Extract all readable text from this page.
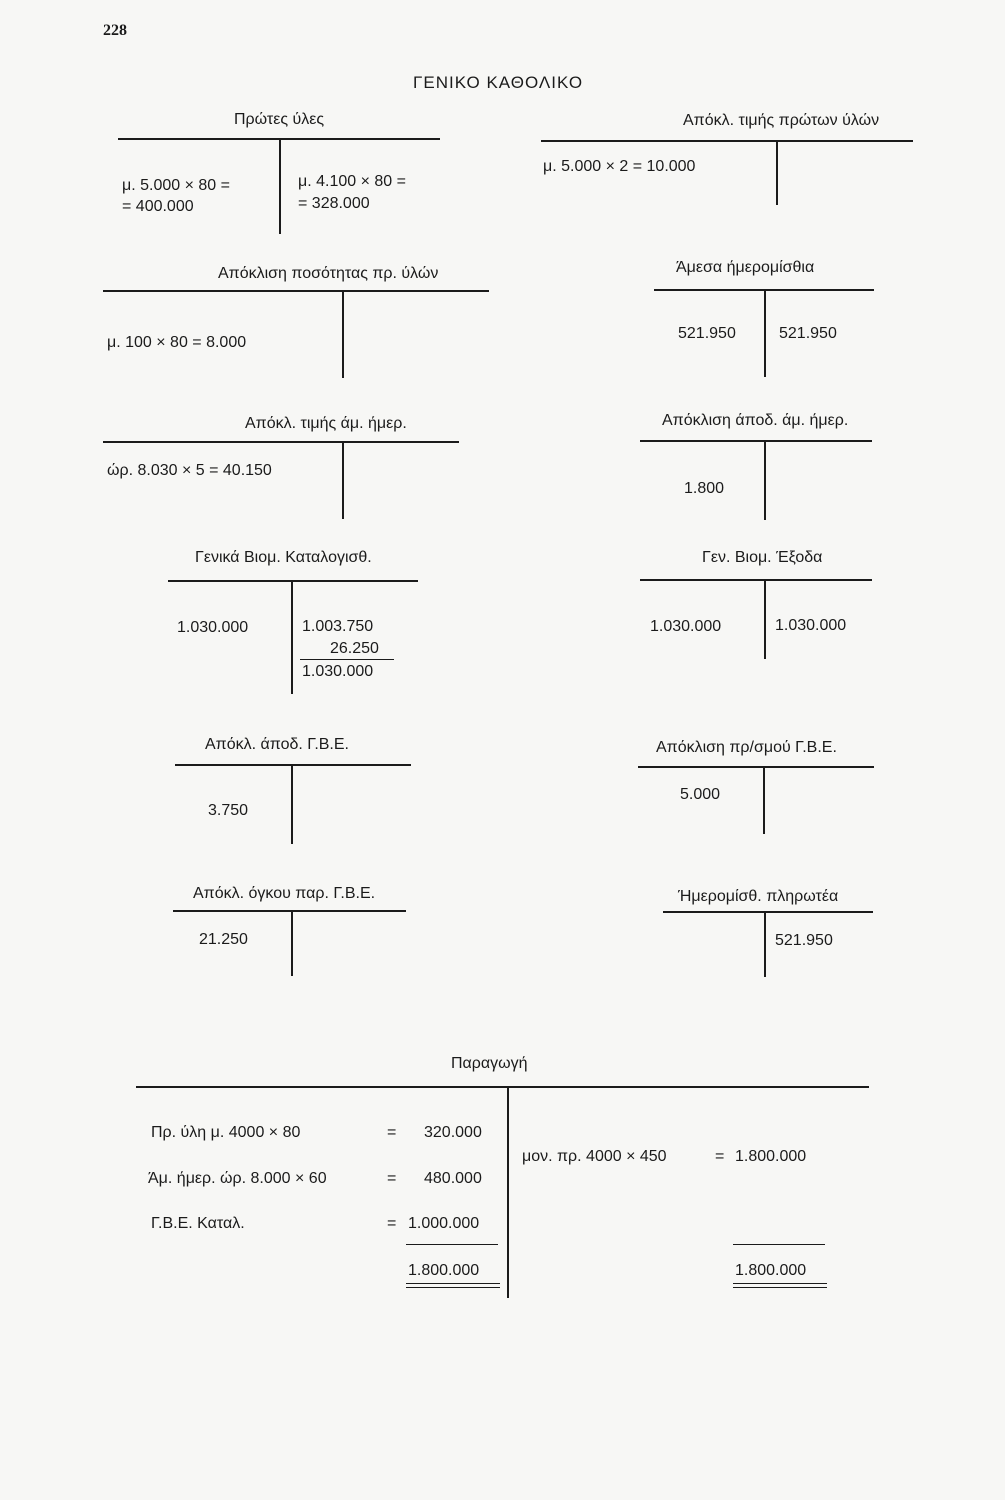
228
ΓΕΝΙΚΟ ΚΑΘΟΛΙΚΟ
Πρώτες ύλες
μ. 5.000 × 80 =
= 400.000
μ. 4.100 × 80 =
= 328.000
Απόκλ. τιμής πρώτων ύλών
μ. 5.000 × 2 = 10.000
Απόκλιση ποσότητας πρ. ύλών
μ. 100 × 80 = 8.000
Άμεσα ήμερομίσθια
521.950	521.950
Απόκλ. τιμής άμ. ήμερ.
ώρ. 8.030 × 5 = 40.150
Απόκλιση άποδ. άμ. ήμερ.
1.800
Γενικά Βιομ. Καταλογισθ.
1.030.000	1.003.750
26.250
1.030.000
Γεν. Βιομ. Έξοδα
1.030.000	1.030.000
Απόκλ. άποδ. Γ.Β.Ε.
3.750
Απόκλιση πρ/σμού Γ.Β.Ε.
5.000
Απόκλ. όγκου παρ. Γ.Β.Ε.
21.250
Ήμερομίσθ. πληρωτέα
521.950
Παραγωγή
Πρ. ύλη μ. 4000 × 80	= 320.000
Άμ. ήμερ. ώρ. 8.000 × 60	= 480.000
Γ.Β.Ε. Καταλ.	= 1.000.000
1.800.000
μον. πρ. 4000 × 450	= 1.800.000
1.800.000
